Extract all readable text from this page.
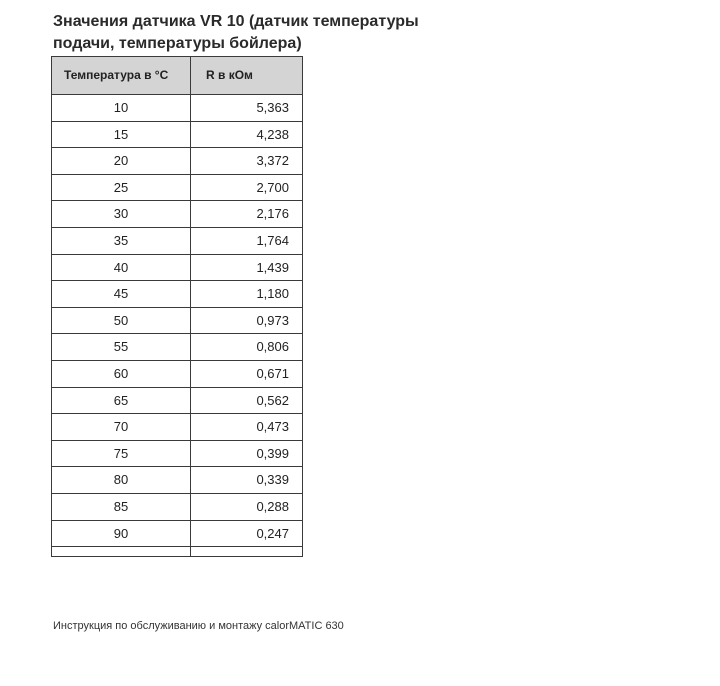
Значения датчика VR 10 (датчик температуры
подачи, температуры бойлера)
Температура в °C	R в кОм
10	5,363
15	4,238
20	3,372
25	2,700
30	2,176
35	1,764
40	1,439
45	1,180
50	0,973
55	0,806
60	0,671
65	0,562
70	0,473
75	0,399
80	0,339
85	0,288
90	0,247

Инструкция по обслуживанию и монтажу calorMATIC 630
